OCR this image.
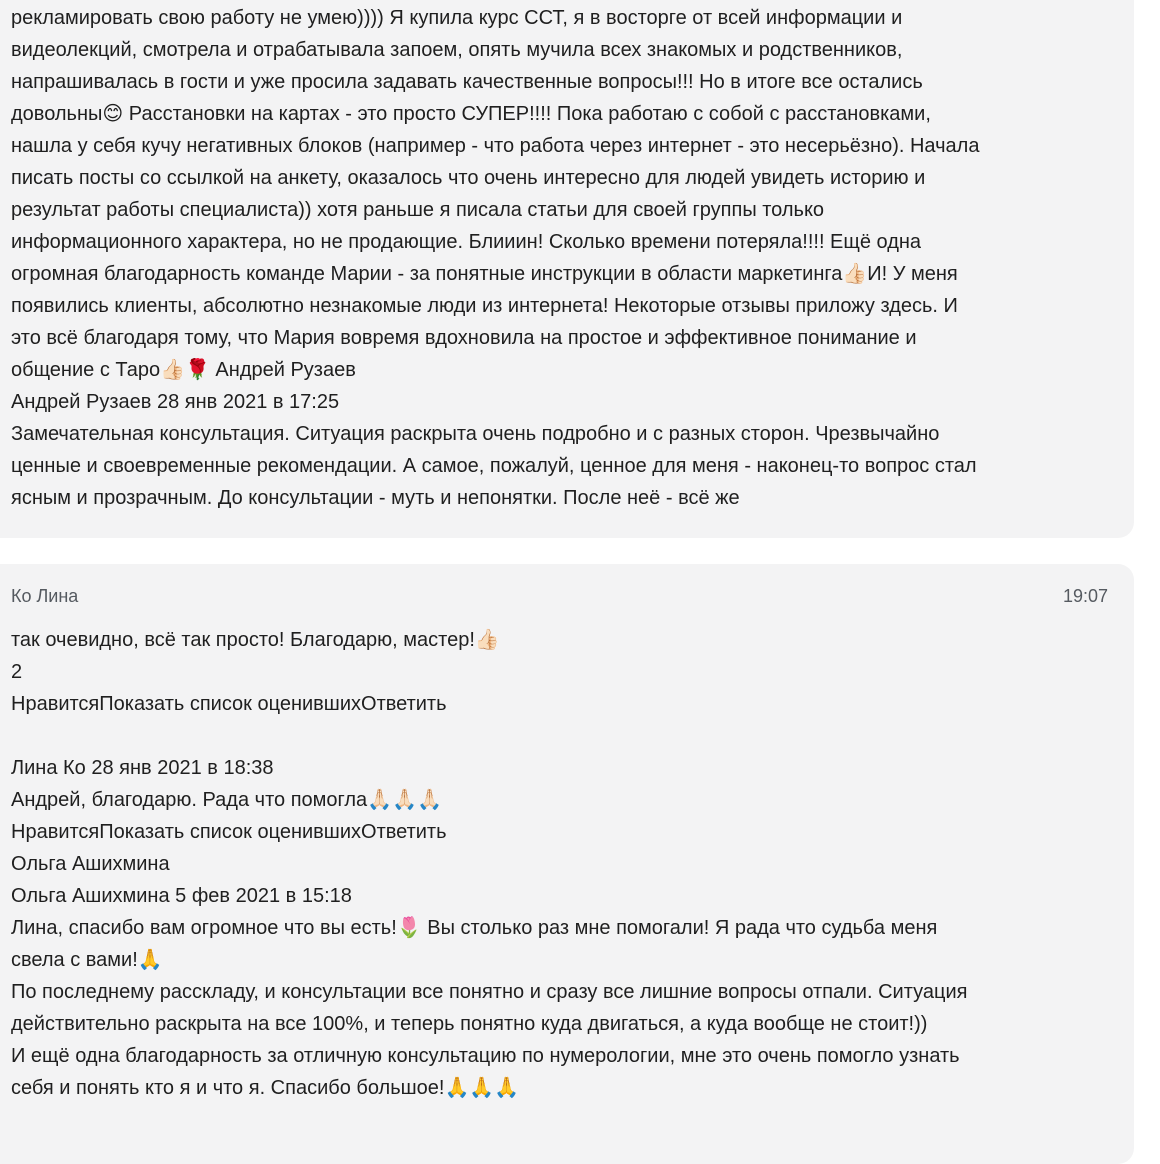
рекламировать свою работу не умею)))) Я купила курс ССТ, я в восторге от всей информации и
видеолекций, смотрела и отрабатывала запоем, опять мучила всех знакомых и родственников,
напрашивалась в гости и уже просила задавать качественные вопросы!!! Но в итоге все остались
довольны😊 Расстановки на картах - это просто СУПЕР!!!! Пока работаю с собой с расстановками,
нашла у себя кучу негативных блоков (например - что работа через интернет - это несерьёзно). Начала
писать посты со ссылкой на анкету, оказалось что очень интересно для людей увидеть историю и
результат работы специалиста)) хотя раньше я писала статьи для своей группы только
информационного характера, но не продающие. Блииин! Сколько времени потеряла!!!! Ещё одна
огромная благодарность команде Марии - за понятные инструкции в области маркетинга👍🏻И! У меня
появились клиенты, абсолютно незнакомые люди из интернета! Некоторые отзывы приложу здесь. И
это всё благодаря тому, что Мария вовремя вдохновила на простое и эффективное понимание и
общение с Таро👍🏻🌹 Андрей Рузаев
Андрей Рузаев 28 янв 2021 в 17:25
Замечательная консультация. Ситуация раскрыта очень подробно и с разных сторон. Чрезвычайно
ценные и своевременные рекомендации. А самое, пожалуй, ценное для меня - наконец-то вопрос стал
ясным и прозрачным. До консультации - муть и непонятки. После неё - всё же
Ко Лина	19:07
так очевидно, всё так просто! Благодарю, мастер!👍🏻
2
НравитсяПоказать список оценившихОтветить
Лина Ко 28 янв 2021 в 18:38
Андрей, благодарю. Рада что помогла🙏🏻🙏🏻🙏🏻
НравитсяПоказать список оценившихОтветить
Ольга Ашихмина
Ольга Ашихмина 5 фев 2021 в 15:18
Лина, спасибо вам огромное что вы есть!🌷 Вы столько раз мне помогали! Я рада что судьба меня
свела с вами!🙏
По последнему расскладу, и консультации все понятно и сразу все лишние вопросы отпали. Ситуация
действительно раскрыта на все 100%, и теперь понятно куда двигаться, а куда вообще не стоит!))
И ещё одна благодарность за отличную консультацию по нумерологии, мне это очень помогло узнать
себя и понять кто я и что я. Спасибо большое!🙏🙏🙏
